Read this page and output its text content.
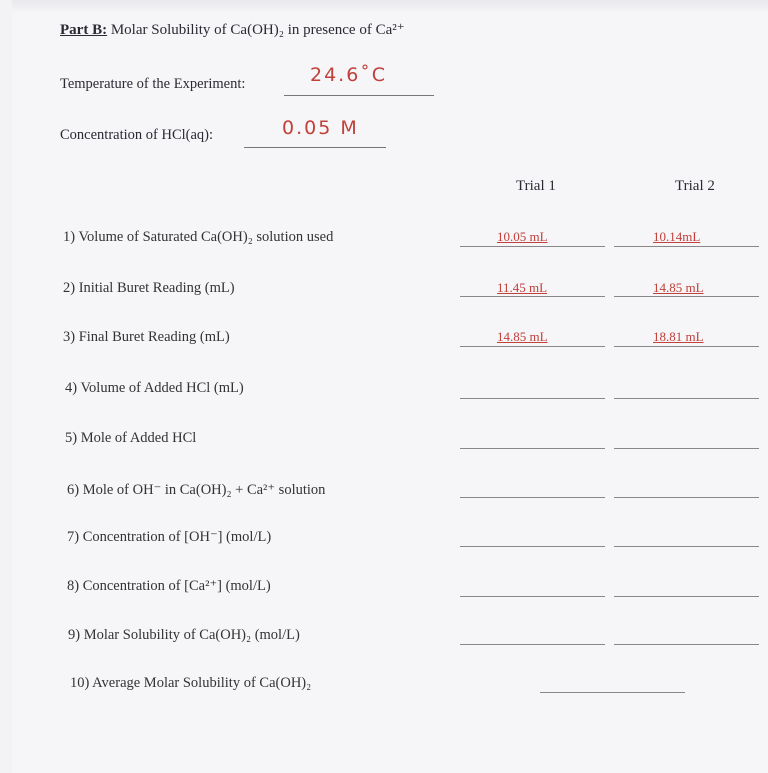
Part B: Molar Solubility of Ca(OH)₂ in presence of Ca²⁺
Temperature of the Experiment:	24.6˚C
Concentration of HCl(aq):	0.05 M
Trial 1	Trial 2
1) Volume of Saturated Ca(OH)₂ solution used	10.05 mL	10.14mL
2) Initial Buret Reading (mL)	11.45 mL	14.85 mL
3) Final Buret Reading (mL)	14.85 mL	18.81 mL
4) Volume of Added HCl (mL)
5) Mole of Added HCl
6) Mole of OH⁻ in Ca(OH)₂ + Ca²⁺ solution
7) Concentration of [OH⁻] (mol/L)
8) Concentration of [Ca²⁺] (mol/L)
9) Molar Solubility of Ca(OH)₂ (mol/L)
10) Average Molar Solubility of Ca(OH)₂
